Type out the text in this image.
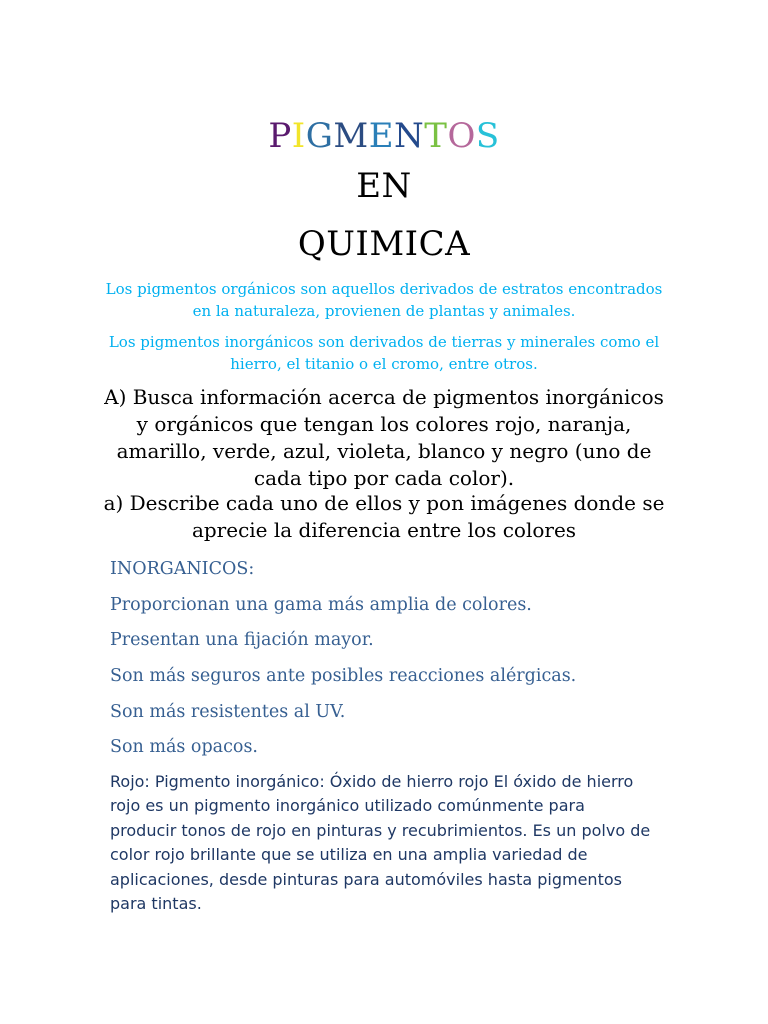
PIGMENTOS
EN
QUIMICA
Los pigmentos orgánicos son aquellos derivados de estratos encontrados en la naturaleza, provienen de plantas y animales.
Los pigmentos inorgánicos son derivados de tierras y minerales como el hierro, el titanio o el cromo, entre otros.
A) Busca información acerca de pigmentos inorgánicos y orgánicos que tengan los colores rojo, naranja, amarillo, verde, azul, violeta, blanco y negro (uno de cada tipo por cada color).
a) Describe cada uno de ellos y pon imágenes donde se aprecie la diferencia entre los colores
INORGANICOS:
Proporcionan una gama más amplia de colores.
Presentan una fijación mayor.
Son más seguros ante posibles reacciones alérgicas.
Son más resistentes al UV.
Son más opacos.
Rojo: Pigmento inorgánico: Óxido de hierro rojo El óxido de hierro rojo es un pigmento inorgánico utilizado comúnmente para producir tonos de rojo en pinturas y recubrimientos. Es un polvo de color rojo brillante que se utiliza en una amplia variedad de aplicaciones, desde pinturas para automóviles hasta pigmentos para tintas.
